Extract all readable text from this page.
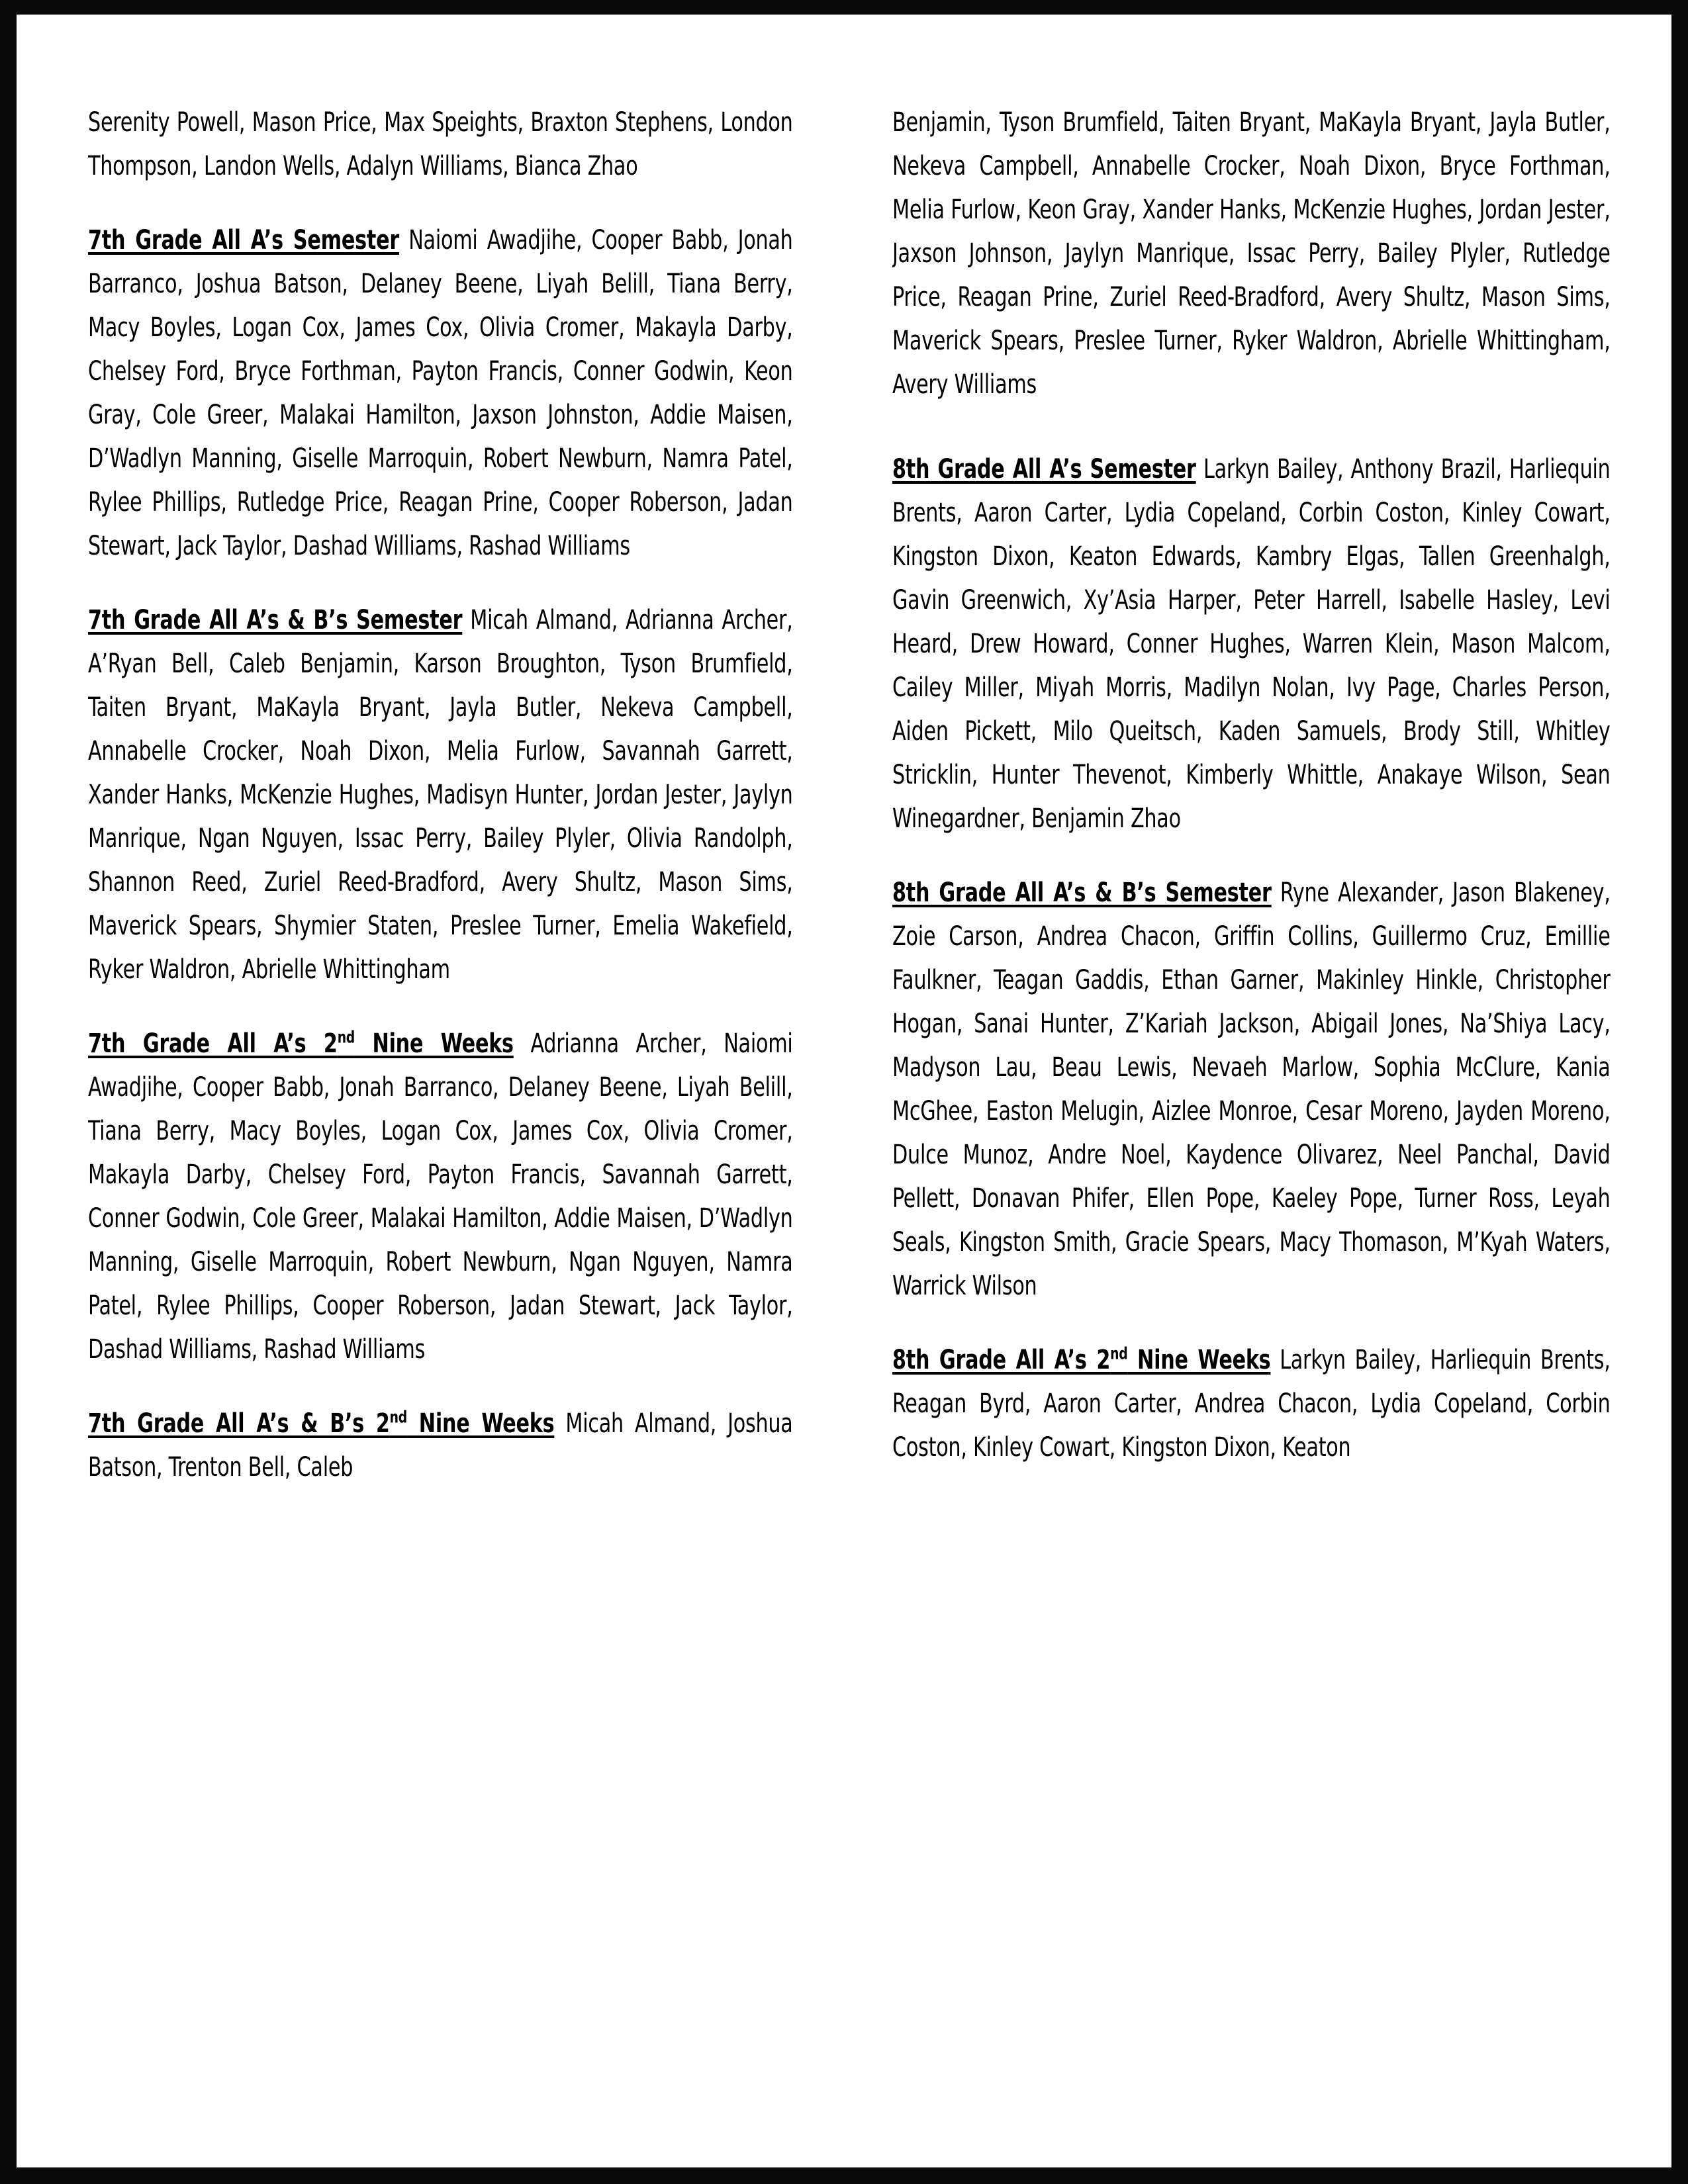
Serenity Powell, Mason Price, Max Speights, Braxton Stephens, London Thompson, Landon Wells, Adalyn Williams, Bianca Zhao

7th Grade All A’s Semester Naiomi Awadjihe, Cooper Babb, Jonah Barranco, Joshua Batson, Delaney Beene, Liyah Belill, Tiana Berry, Macy Boyles, Logan Cox, James Cox, Olivia Cromer, Makayla Darby, Chelsey Ford, Bryce Forthman, Payton Francis, Conner Godwin, Keon Gray, Cole Greer, Malakai Hamilton, Jaxson Johnston, Addie Maisen, D’Wadlyn Manning, Giselle Marroquin, Robert Newburn, Namra Patel, Rylee Phillips, Rutledge Price, Reagan Prine, Cooper Roberson, Jadan Stewart, Jack Taylor, Dashad Williams, Rashad Williams

7th Grade All A’s & B’s Semester Micah Almand, Adrianna Archer, A’Ryan Bell, Caleb Benjamin, Karson Broughton, Tyson Brumfield, Taiten Bryant, MaKayla Bryant, Jayla Butler, Nekeva Campbell, Annabelle Crocker, Noah Dixon, Melia Furlow, Savannah Garrett, Xander Hanks, McKenzie Hughes, Madisyn Hunter, Jordan Jester, Jaylyn Manrique, Ngan Nguyen, Issac Perry, Bailey Plyler, Olivia Randolph, Shannon Reed, Zuriel Reed-Bradford, Avery Shultz, Mason Sims, Maverick Spears, Shymier Staten, Preslee Turner, Emelia Wakefield, Ryker Waldron, Abrielle Whittingham

7th Grade All A’s 2nd Nine Weeks Adrianna Archer, Naiomi Awadjihe, Cooper Babb, Jonah Barranco, Delaney Beene, Liyah Belill, Tiana Berry, Macy Boyles, Logan Cox, James Cox, Olivia Cromer, Makayla Darby, Chelsey Ford, Payton Francis, Savannah Garrett, Conner Godwin, Cole Greer, Malakai Hamilton, Addie Maisen, D’Wadlyn Manning, Giselle Marroquin, Robert Newburn, Ngan Nguyen, Namra Patel, Rylee Phillips, Cooper Roberson, Jadan Stewart, Jack Taylor, Dashad Williams, Rashad Williams

7th Grade All A’s & B’s 2nd Nine Weeks Micah Almand, Joshua Batson, Trenton Bell, Caleb

Benjamin, Tyson Brumfield, Taiten Bryant, MaKayla Bryant, Jayla Butler, Nekeva Campbell, Annabelle Crocker, Noah Dixon, Bryce Forthman, Melia Furlow, Keon Gray, Xander Hanks, McKenzie Hughes, Jordan Jester, Jaxson Johnson, Jaylyn Manrique, Issac Perry, Bailey Plyler, Rutledge Price, Reagan Prine, Zuriel Reed-Bradford, Avery Shultz, Mason Sims, Maverick Spears, Preslee Turner, Ryker Waldron, Abrielle Whittingham, Avery Williams

8th Grade All A’s Semester Larkyn Bailey, Anthony Brazil, Harliequin Brents, Aaron Carter, Lydia Copeland, Corbin Coston, Kinley Cowart, Kingston Dixon, Keaton Edwards, Kambry Elgas, Tallen Greenhalgh, Gavin Greenwich, Xy’Asia Harper, Peter Harrell, Isabelle Hasley, Levi Heard, Drew Howard, Conner Hughes, Warren Klein, Mason Malcom, Cailey Miller, Miyah Morris, Madilyn Nolan, Ivy Page, Charles Person, Aiden Pickett, Milo Queitsch, Kaden Samuels, Brody Still, Whitley Stricklin, Hunter Thevenot, Kimberly Whittle, Anakaye Wilson, Sean Winegardner, Benjamin Zhao

8th Grade All A’s & B’s Semester Ryne Alexander, Jason Blakeney, Zoie Carson, Andrea Chacon, Griffin Collins, Guillermo Cruz, Emillie Faulkner, Teagan Gaddis, Ethan Garner, Makinley Hinkle, Christopher Hogan, Sanai Hunter, Z’Kariah Jackson, Abigail Jones, Na’Shiya Lacy, Madyson Lau, Beau Lewis, Nevaeh Marlow, Sophia McClure, Kania McGhee, Easton Melugin, Aizlee Monroe, Cesar Moreno, Jayden Moreno, Dulce Munoz, Andre Noel, Kaydence Olivarez, Neel Panchal, David Pellett, Donavan Phifer, Ellen Pope, Kaeley Pope, Turner Ross, Leyah Seals, Kingston Smith, Gracie Spears, Macy Thomason, M’Kyah Waters, Warrick Wilson

8th Grade All A’s 2nd Nine Weeks Larkyn Bailey, Harliequin Brents, Reagan Byrd, Aaron Carter, Andrea Chacon, Lydia Copeland, Corbin Coston, Kinley Cowart, Kingston Dixon, Keaton
